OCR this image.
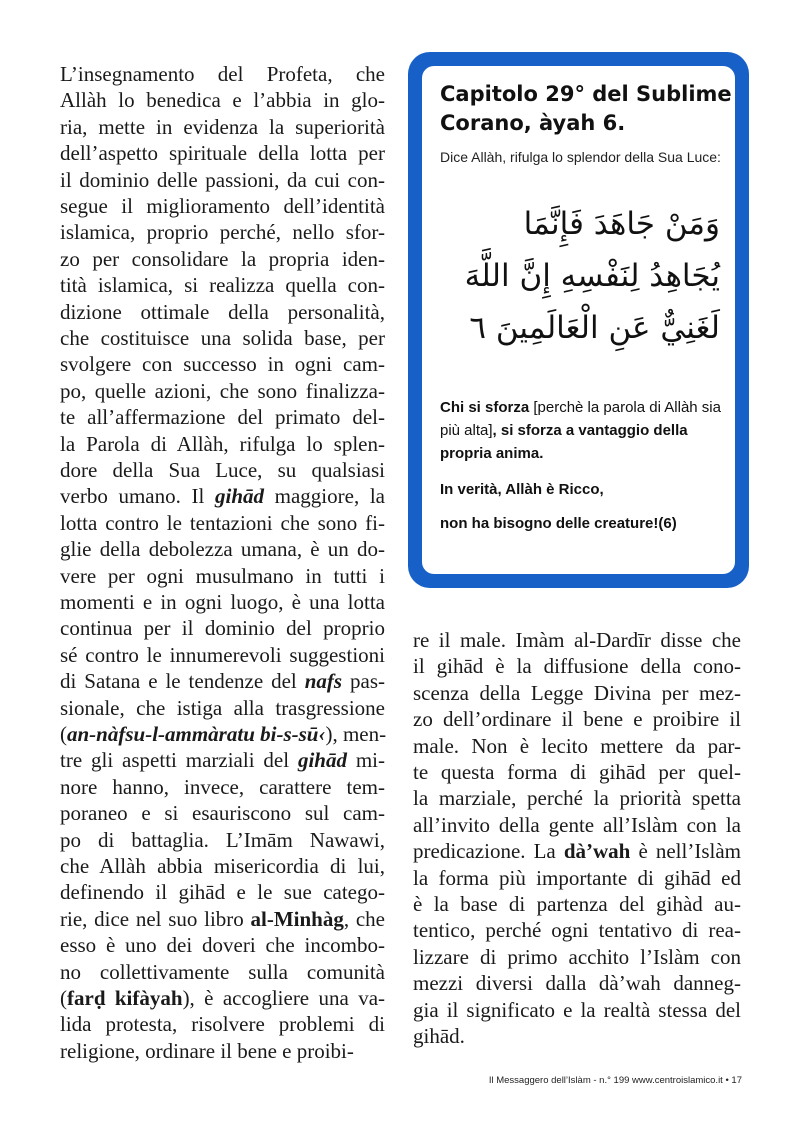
L’insegnamento del Profeta, che
Allàh lo benedica e l’abbia in glo-
ria, mette in evidenza la superiorità
dell’aspetto spirituale della lotta per
il dominio delle passioni, da cui con-
segue il miglioramento dell’identità
islamica, proprio perché, nello sfor-
zo per consolidare la propria iden-
tità islamica, si realizza quella con-
dizione ottimale della personalità,
che costituisce una solida base, per
svolgere con successo in ogni cam-
po, quelle azioni, che sono finalizza-
te all’affermazione del primato del-
la Parola di Allàh, rifulga lo splen-
dore della Sua Luce, su qualsiasi
verbo umano. Il gihād maggiore, la
lotta contro le tentazioni che sono fi-
glie della debolezza umana, è un do-
vere per ogni musulmano in tutti i
momenti e in ogni luogo, è una lotta
continua per il dominio del proprio
sé contro le innumerevoli suggestioni
di Satana e le tendenze del nafs pas-
sionale, che istiga alla trasgressione
(an-nàfsu-l-ammàratu bi-s-sū‹), men-
tre gli aspetti marziali del gihād mi-
nore hanno, invece, carattere tem-
poraneo e si esauriscono sul cam-
po di battaglia. L’Imām Nawawi,
che Allàh abbia misericordia di lui,
definendo il gihād e le sue catego-
rie, dice nel suo libro al-Minhàg, che
esso è uno dei doveri che incombo-
no collettivamente sulla comunità
(farḍ kifàyah), è accogliere una va-
lida protesta, risolvere problemi di
religione, ordinare il bene e proibi-
Capitolo 29° del Sublime Corano, àyah 6.
Dice Allàh, rifulga lo splendor della Sua Luce:
وَمَنْ جَاهَدَ فَإِنَّمَا
يُجَاهِدُ لِنَفْسِهِ إِنَّ اللَّهَ
لَغَنِيٌّ عَنِ الْعَالَمِينَ ٦
Chi si sforza [perchè la parola di Allàh sia più alta], si sforza a vantaggio della propria anima.
In verità, Allàh è Ricco,
non ha bisogno delle creature!(6)
re il male. Imàm al-Dardīr disse che
il gihād è la diffusione della cono-
scenza della Legge Divina per mez-
zo dell’ordinare il bene e proibire il
male. Non è lecito mettere da par-
te questa forma di gihād per quel-
la marziale, perché la priorità spetta
all’invito della gente all’Islàm con la
predicazione. La dà’wah è nell’Islàm
la forma più importante di gihād ed
è la base di partenza del gihàd au-
tentico, perché ogni tentativo di rea-
lizzare di primo acchito l’Islàm con
mezzi diversi dalla dà’wah danneg-
gia il significato e la realtà stessa del
gihād.
Il Messaggero dell’Islàm - n.° 199 www.centroislamico.it • 17
